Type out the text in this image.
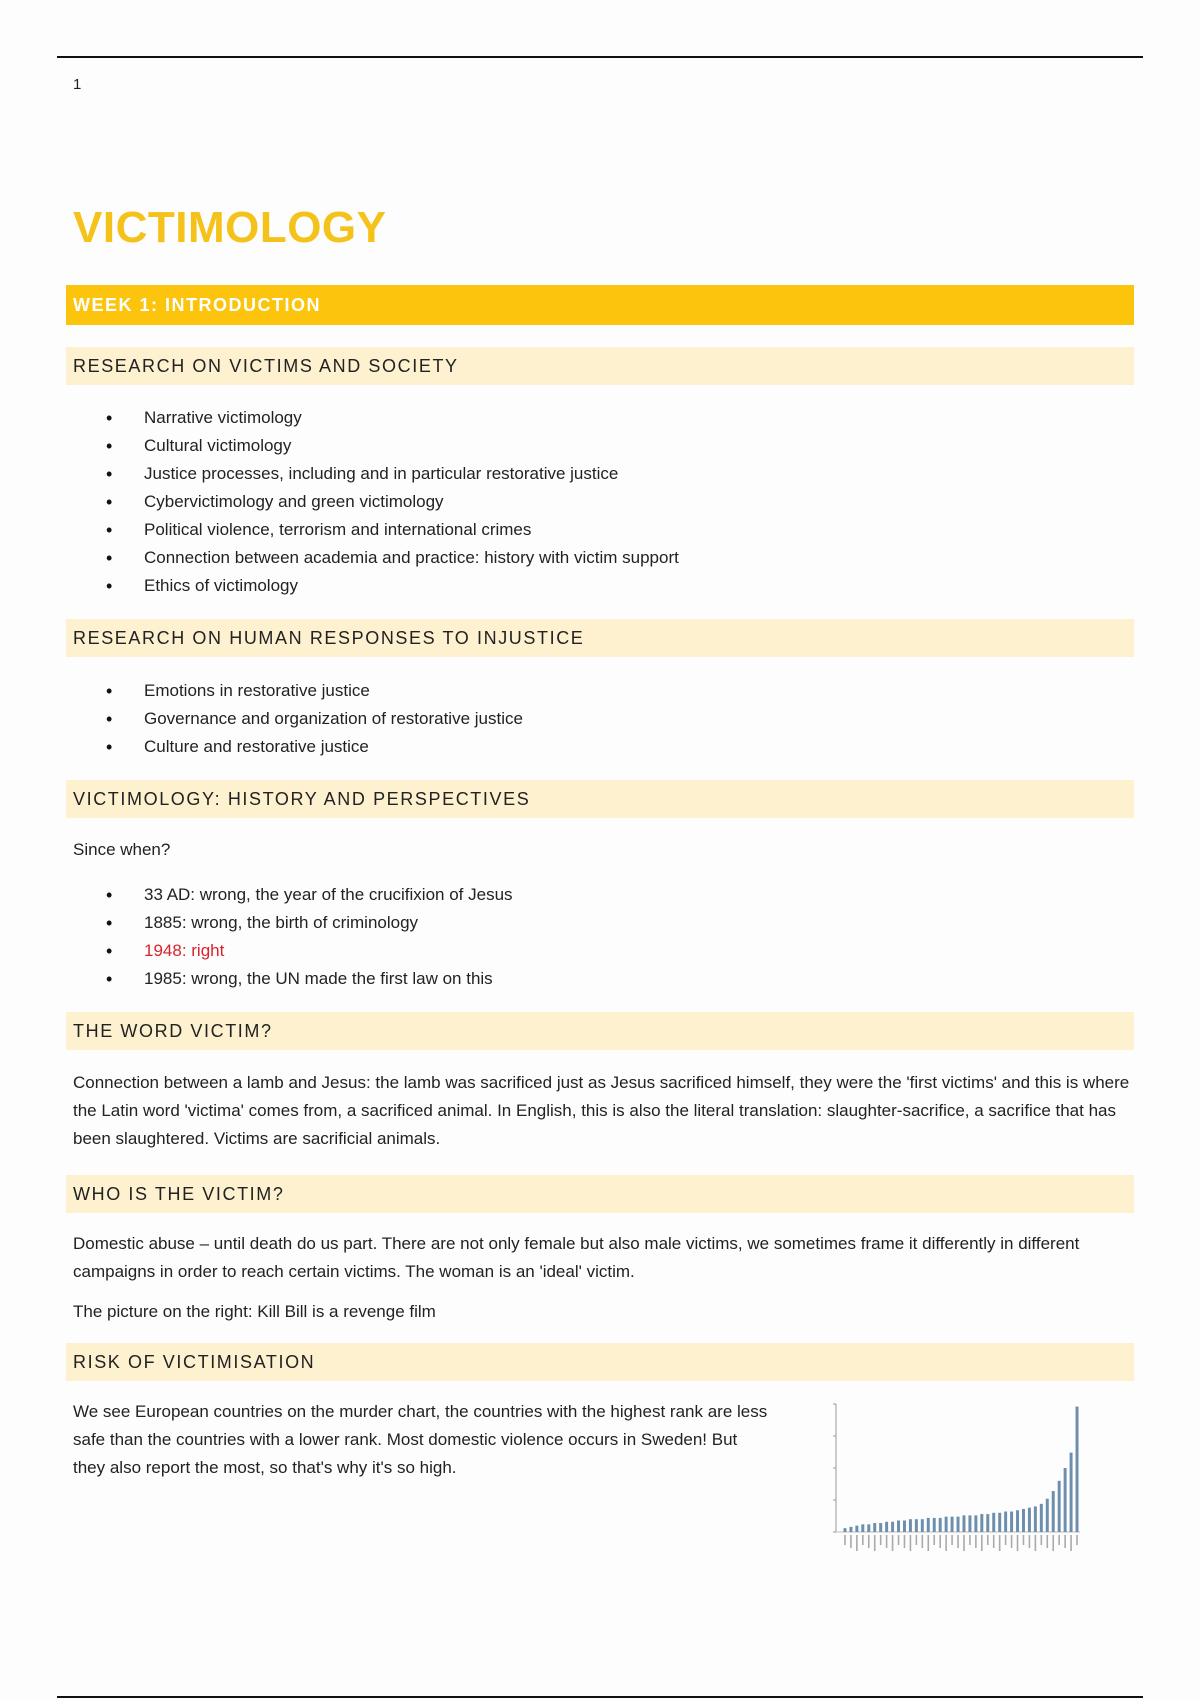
1
VICTIMOLOGY
WEEK 1: INTRODUCTION
RESEARCH ON VICTIMS AND SOCIETY
• Narrative victimology
• Cultural victimology
• Justice processes, including and in particular restorative justice
• Cybervictimology and green victimology
• Political violence, terrorism and international crimes
• Connection between academia and practice: history with victim support
• Ethics of victimology
RESEARCH ON HUMAN RESPONSES TO INJUSTICE
• Emotions in restorative justice
• Governance and organization of restorative justice
• Culture and restorative justice
VICTIMOLOGY: HISTORY AND PERSPECTIVES

Since when?

• 33 AD: wrong, the year of the crucifixion of Jesus
• 1885: wrong, the birth of criminology
• 1948: right
• 1985: wrong, the UN made the first law on this
THE WORD VICTIM?

Connection between a lamb and Jesus: the lamb was sacrificed just as Jesus sacrificed himself, they were the 'first victims' and this is where the Latin word 'victima' comes from, a sacrificed animal. In English, this is also the literal translation: slaughter-sacrifice, a sacrifice that has been slaughtered. Victims are sacrificial animals.

WHO IS THE VICTIM?

Domestic abuse – until death do us part. There are not only female but also male victims, we sometimes frame it differently in different campaigns in order to reach certain victims. The woman is an 'ideal' victim.

The picture on the right: Kill Bill is a revenge film

RISK OF VICTIMISATION

We see European countries on the murder chart, the countries with the highest rank are less safe than the countries with a lower rank. Most domestic violence occurs in Sweden! But they also report the most, so that's why it's so high.
